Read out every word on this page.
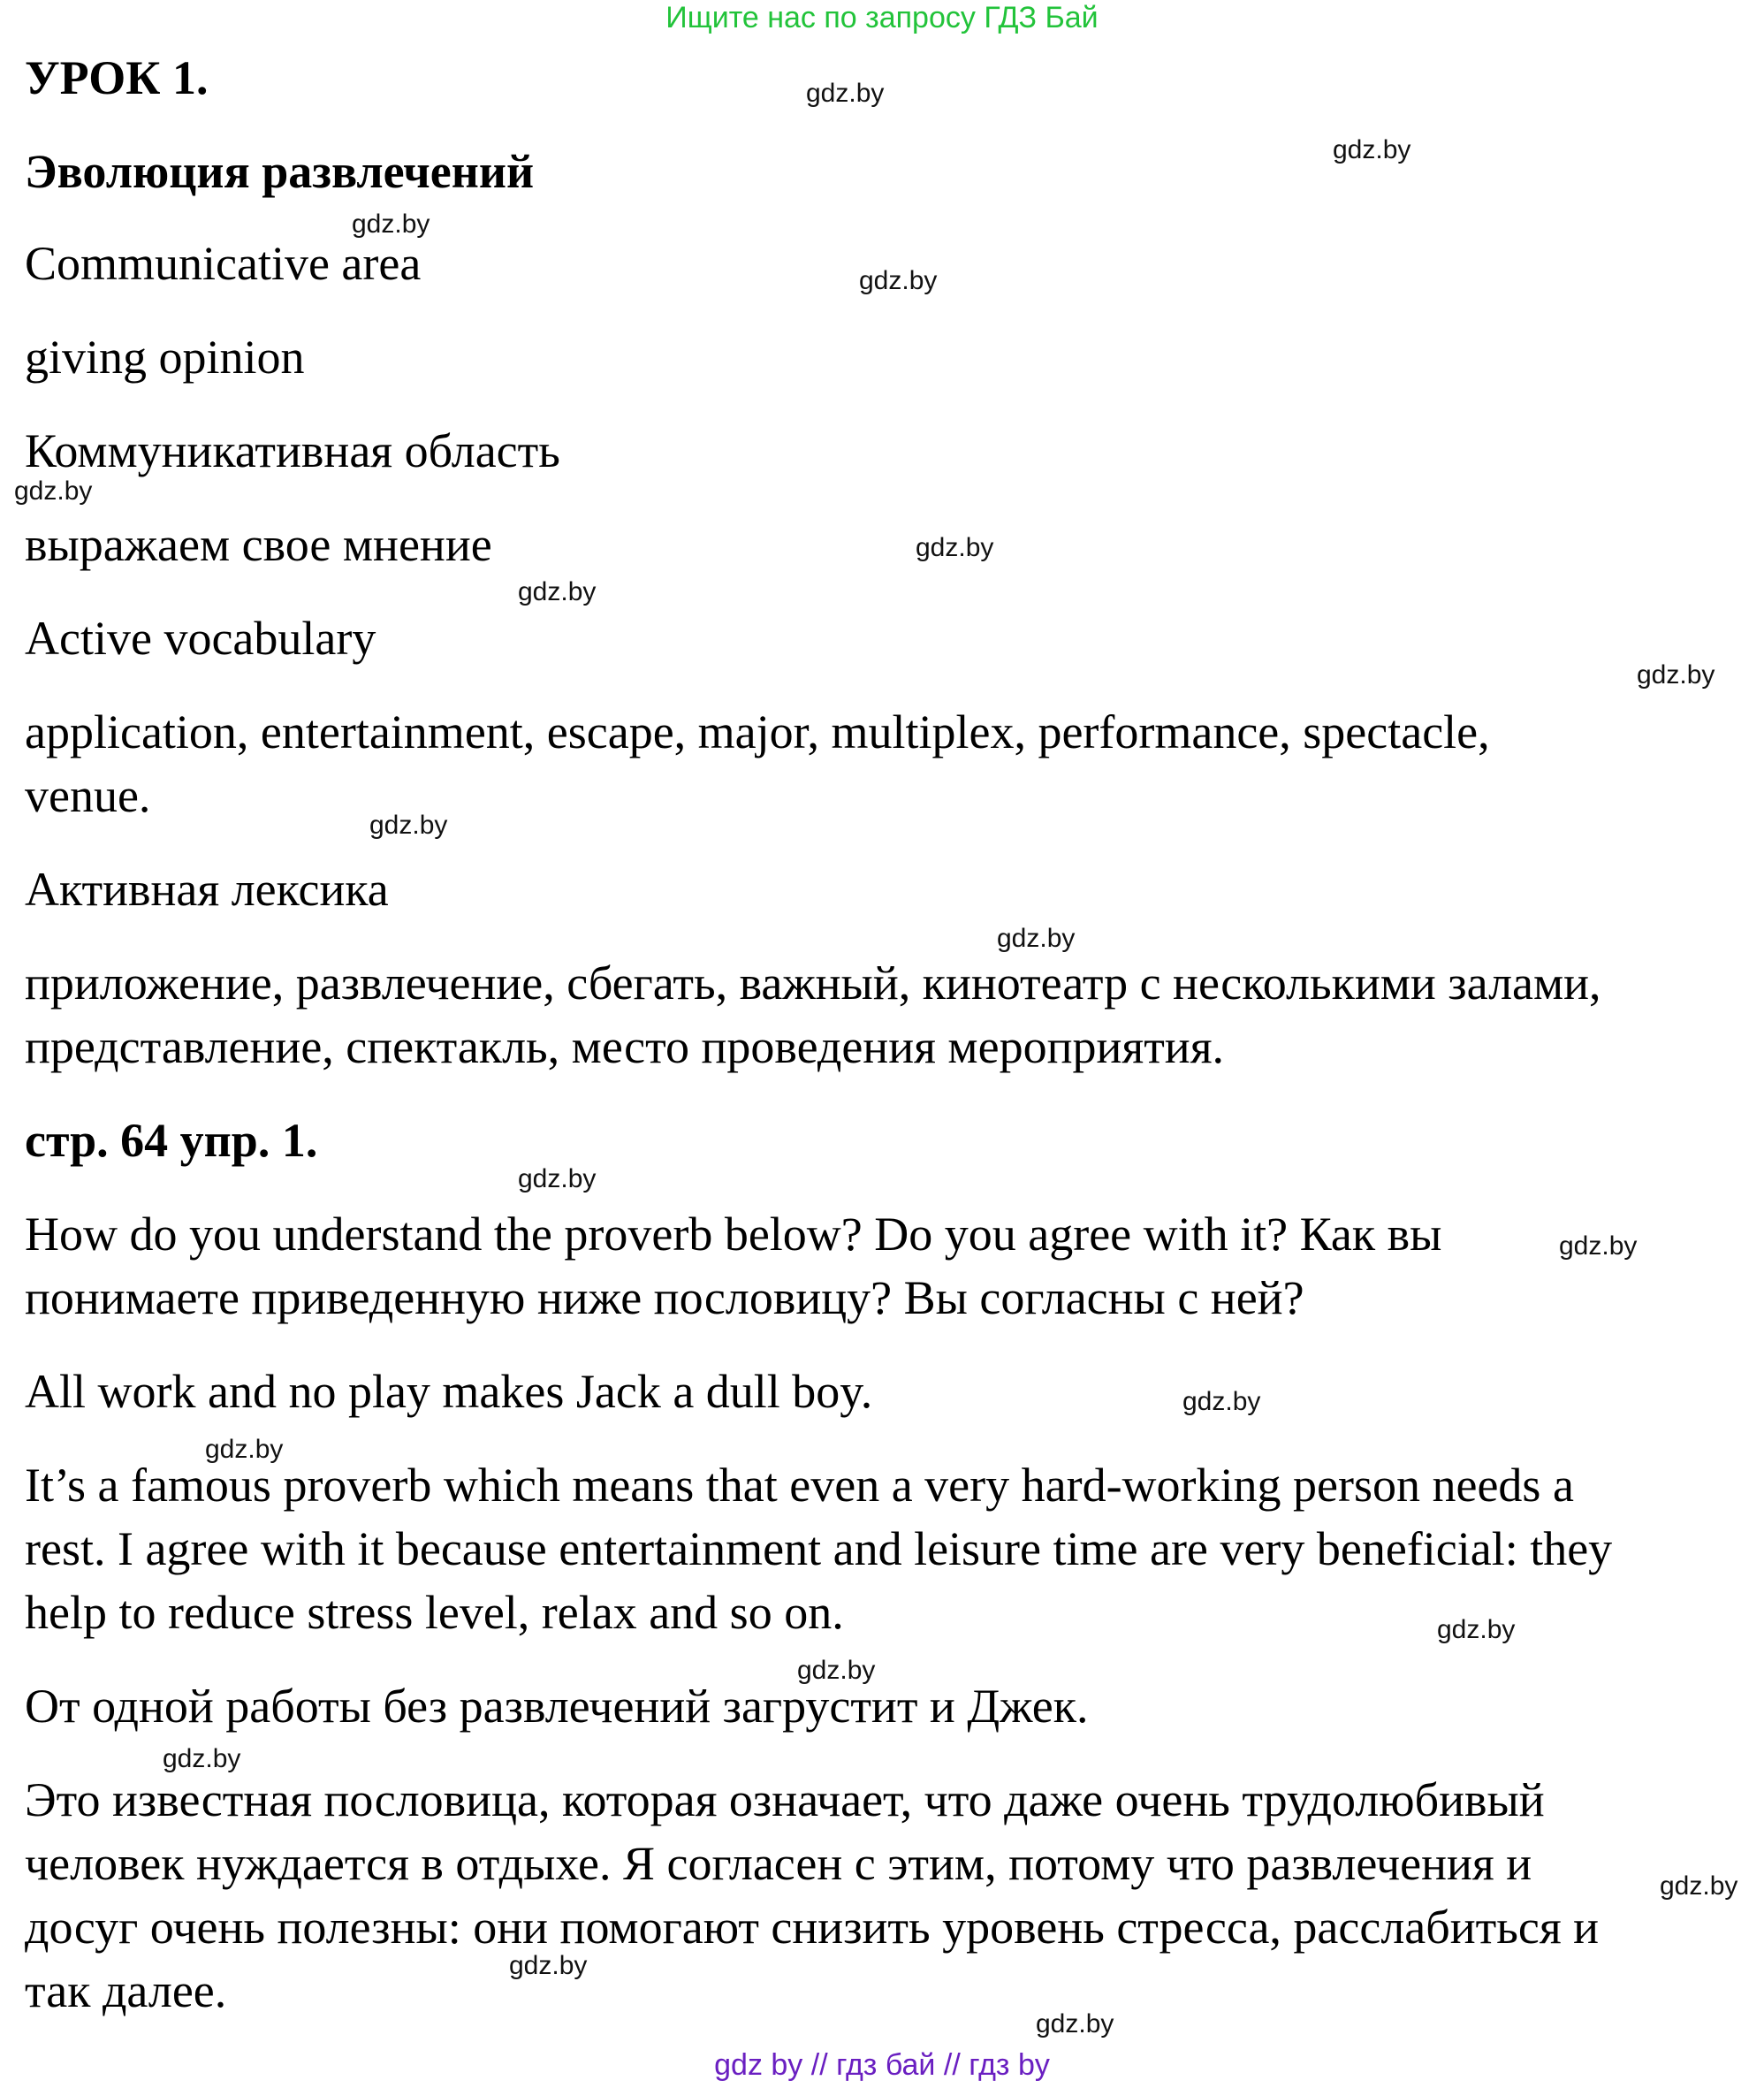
Ищите нас по запросу ГДЗ Бай
УРОК 1.
Эволюция развлечений

Communicative area

giving opinion

Коммуникативная область

выражаем свое мнение

Active vocabulary

application, entertainment, escape, major, multiplex, performance, spectacle,

venue.

Активная лексика

приложение, развлечение, сбегать, важный, кинотеатр с несколькими залами,

представление, спектакль, место проведения мероприятия.

стр. 64 упр. 1.

How do you understand the proverb below? Do you agree with it? Как вы

понимаете приведенную ниже пословицу? Вы согласны с ней?

All work and no play makes Jack a dull boy.

It’s a famous proverb which means that even a very hard-working person needs a

rest. I agree with it because entertainment and leisure time are very beneficial: they

help to reduce stress level, relax and so on.

От одной работы без развлечений загрустит и Джек.

Это известная пословица, которая означает, что даже очень трудолюбивый

человек нуждается в отдыхе. Я согласен с этим, потому что развлечения и

досуг очень полезны: они помогают снизить уровень стресса, расслабиться и

так далее.

gdz.by
gdz.by
gdz.by
gdz.by
gdz.by
gdz.by
gdz.by
gdz.by
gdz.by
gdz.by
gdz.by
gdz.by
gdz.by
gdz.by
gdz.by
gdz.by
gdz.by
gdz.by
gdz.by
gdz.by
gdz by // гдз бай // гдз by
